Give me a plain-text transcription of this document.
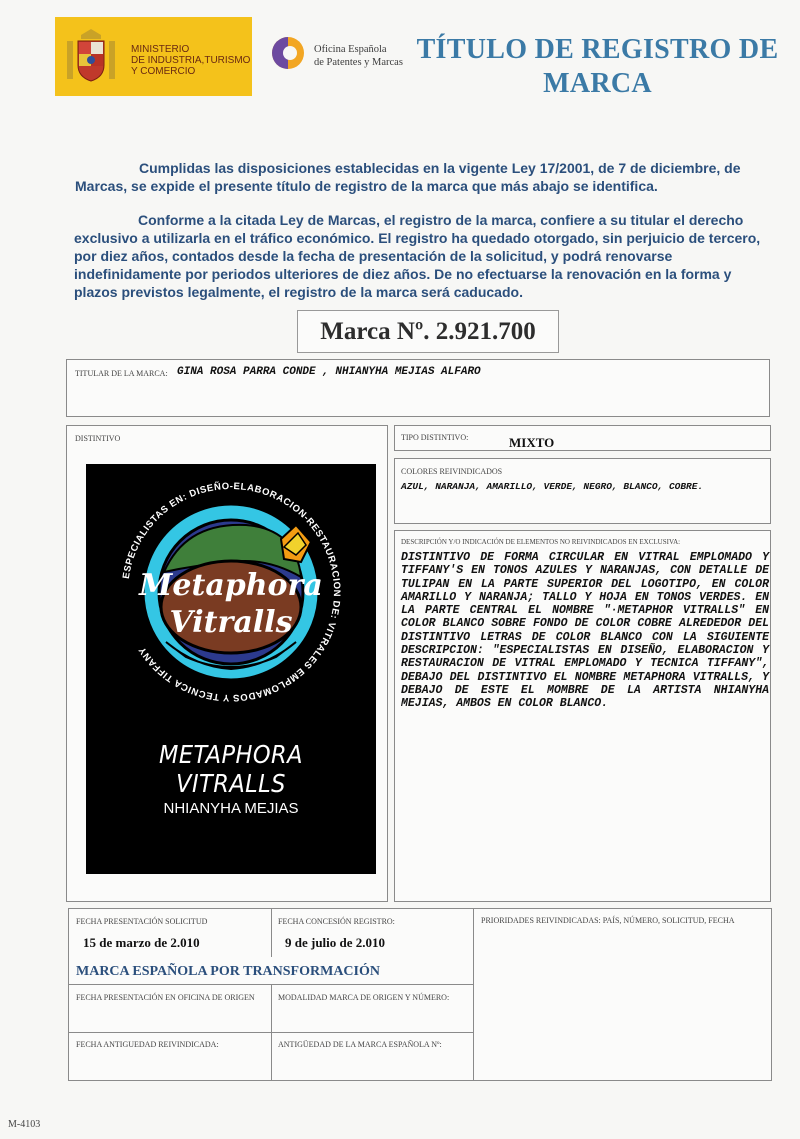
MINISTERIO
DE INDUSTRIA,TURISMO
Y COMERCIO
Oficina Española
de Patentes y Marcas TÍTULO DE REGISTRO DE MARCA
Cumplidas las disposiciones establecidas en la vigente Ley 17/2001, de 7 de diciembre, de Marcas, se expide el presente título de registro de la marca que más abajo se identifica.
Conforme a la citada Ley de Marcas, el registro de la marca, confiere a su titular el derecho exclusivo a utilizarla en el tráfico económico. El registro ha quedado otorgado, sin perjuicio de tercero, por diez años, contados desde la fecha de presentación de la solicitud, y podrá renovarse indefinidamente por periodos ulteriores de diez años. De no efectuarse la renovación en la forma y plazos previstos legalmente, el registro de la marca será caducado.
Marca Nº. 2.921.700
TITULAR DE LA MARCA: GINA ROSA PARRA CONDE , NHIANYHA MEJIAS ALFARO
DISTINTIVO
Metaphora
Vitralls
ESPECIALISTAS EN: DISEÑO-ELABORACION-RESTAURACION DE: VITRALES EMPLOMADOS Y TECNICA TIFFANY
METAPHORA VITRALLS
NHIANYHA MEJIAS
TIPO DISTINTIVO:	MIXTO
COLORES REIVINDICADOS
AZUL, NARANJA, AMARILLO, VERDE, NEGRO, BLANCO, COBRE.
DESCRIPCIÓN Y/O INDICACIÓN DE ELEMENTOS NO REIVINDICADOS EN EXCLUSIVA:
DISTINTIVO DE FORMA CIRCULAR EN VITRAL EMPLOMADO Y TIFFANY'S EN TONOS AZULES Y NARANJAS, CON DETALLE DE TULIPAN EN LA PARTE SUPERIOR DEL LOGOTIPO, EN COLOR AMARILLO Y NARANJA; TALLO Y HOJA EN TONOS VERDES. EN LA PARTE CENTRAL EL NOMBRE "·METAPHOR VITRALLS" EN COLOR BLANCO SOBRE FONDO DE COLOR COBRE ALREDEDOR DEL DISTINTIVO LETRAS DE COLOR BLANCO CON LA SIGUIENTE DESCRIPCION: "ESPECIALISTAS EN DISEÑO, ELABORACION Y RESTAURACION DE VITRAL EMPLOMADO Y TECNICA TIFFANY", DEBAJO DEL DISTINTIVO EL NOMBRE METAPHORA VITRALLS, Y DEBAJO DE ESTE EL MOMBRE DE LA ARTISTA NHIANYHA MEJIAS, AMBOS EN COLOR BLANCO.
FECHA PRESENTACIÓN SOLICITUD
15 de marzo de 2.010
FECHA CONCESIÓN REGISTRO:
9 de julio de 2.010
PRIORIDADES REIVINDICADAS: PAÍS, NÚMERO, SOLICITUD, FECHA
MARCA ESPAÑOLA POR TRANSFORMACIÓN
FECHA PRESENTACIÓN EN OFICINA DE ORIGEN	MODALIDAD MARCA DE ORIGEN Y NÚMERO:
FECHA ANTIGUEDAD REIVINDICADA:	ANTIGÜEDAD DE LA MARCA ESPAÑOLA Nº:
M-4103
